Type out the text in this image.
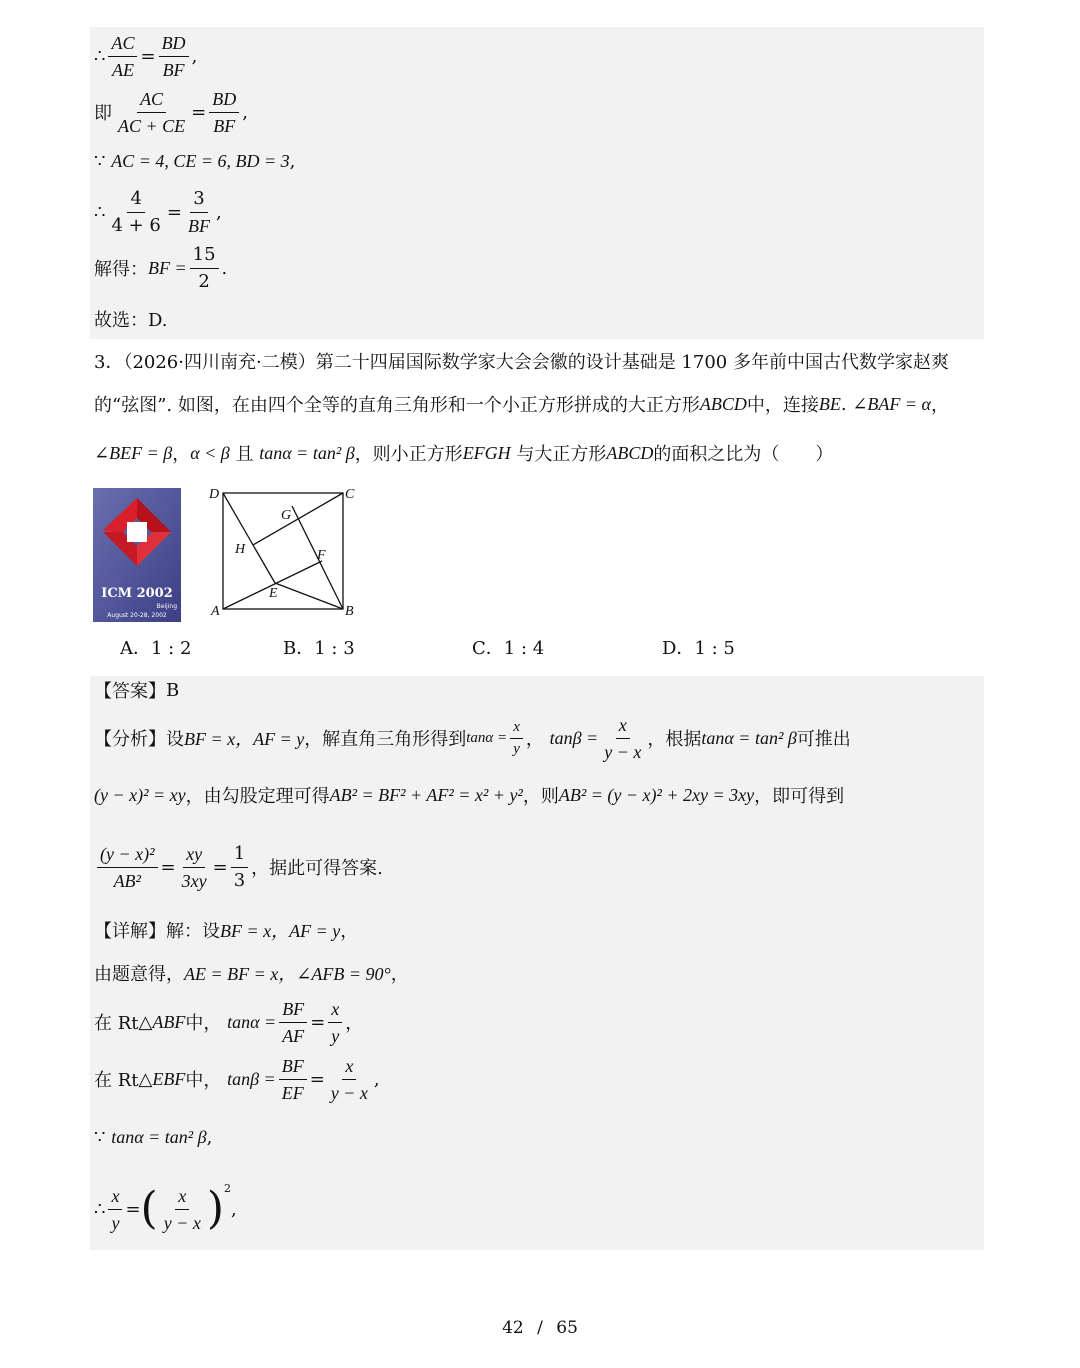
∴ $\frac{AC}{AE} = \frac{BD}{BF}$ ,
即 $\frac{AC}{AC + CE} = \frac{BD}{BF}$ ,
∵
AC = 4, CE = 6, BD = 3 ,
∴ $\frac{4}{4 + 6} = \frac{3}{BF}$ ,
解得： BF = $\frac{15}{2}$ .
故选：D.
3．（2026·四川南充·二模）第二十四届国际数学家大会会徽的设计基础是 1700 多年前中国古代数学家赵爽
的“弦图”. 如图，在由四个全等的直角三角形和一个小正方形拼成的大正方形 ABCD 中，连接 BE .
∠BAF = α ，
∠BEF = β ， α < β
且
tanα = tan² β ，则小正方形 EFGH
与大正方形 ABCD 的面积之比为（　　）
ICM 2002
Beijing
August 20-28, 2002
D	C
A	B
G
H	F
E
A．1 : 2	B．1 : 3	C．1 : 4	D．1 : 5
【答案】 B
【分析】 设 BF = x，AF = y ，解直角三角形得到 $\tan\alpha = \frac{x}{y}$ ，
$\tan\beta = \frac{x}{y - x}$ ，根据 tanα = tan² β 可推出
(y − x)² = xy ，由勾股定理可得 AB² = BF² + AF² = x² + y² ，则 AB² = (y − x)² + 2xy = 3xy ，即可得到
$\frac{\text{(y − x)²}}{\text{AB²}} = \frac{xy}{3xy} = \frac{1}{3}$ ，据此可得答案.
【详解】 解：设 BF = x，AF = y ，
由题意得， AE = BF = x，∠AFB = 90° ，
在 Rt △ABF 中，
$\tan\alpha = \frac{BF}{AF} = \frac{x}{y}$ ，
在 Rt △EBF 中，
$\tan\beta = \frac{BF}{EF} = \frac{x}{y - x}$ ,
∵
tanα = tan² β ,
∴ $\frac{x}{y}$ = ( $\frac{x}{y - x}$ ) 2
,
42 / 65
